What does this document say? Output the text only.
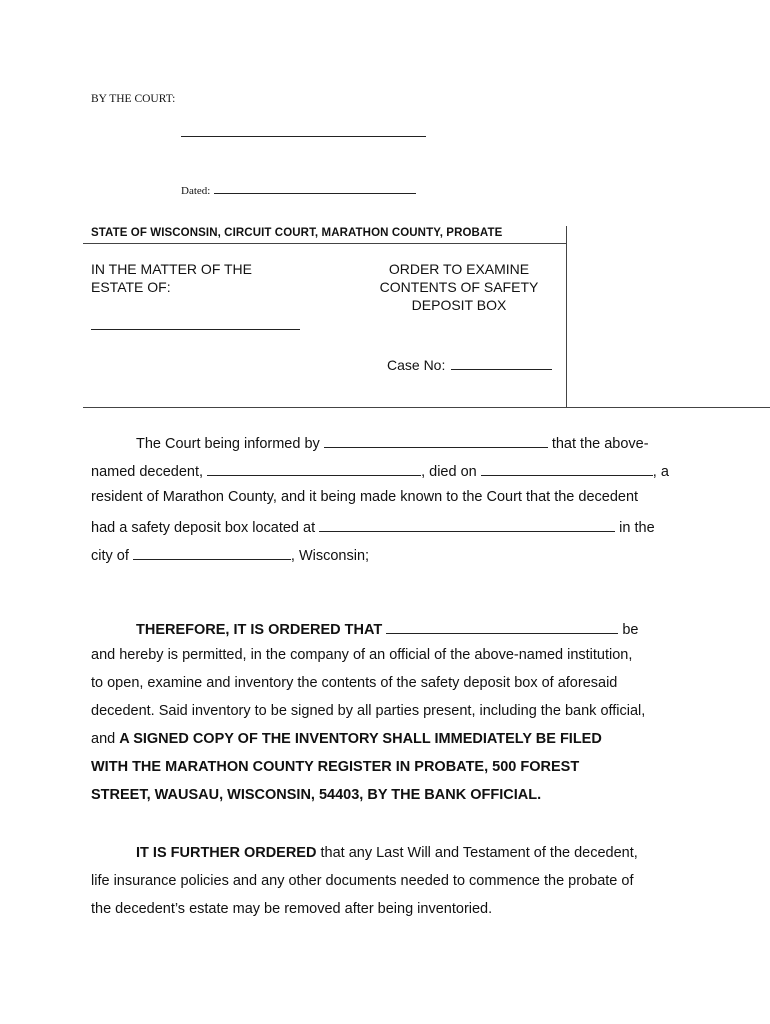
BY THE COURT:
Dated:
STATE OF WISCONSIN, CIRCUIT COURT, MARATHON COUNTY, PROBATE
IN THE MATTER OF THE
ESTATE OF:
ORDER TO EXAMINE
CONTENTS OF SAFETY
DEPOSIT BOX
Case No:
The Court being informed by	that the above-
named decedent,	, died on	, a
resident of Marathon County, and it being made known to the Court that the decedent
had a safety deposit box located at	in the
city of	, Wisconsin;
THEREFORE, IT IS ORDERED THAT	be
and hereby is permitted, in the company of an official of the above-named institution,
to open, examine and inventory the contents of the safety deposit box of aforesaid
decedent. Said inventory to be signed by all parties present, including the bank official,
and A SIGNED COPY OF THE INVENTORY SHALL IMMEDIATELY BE FILED
WITH THE MARATHON COUNTY REGISTER IN PROBATE, 500 FOREST
STREET, WAUSAU, WISCONSIN, 54403, BY THE BANK OFFICIAL.
IT IS FURTHER ORDERED that any Last Will and Testament of the decedent,
life insurance policies and any other documents needed to commence the probate of
the decedent’s estate may be removed after being inventoried.
